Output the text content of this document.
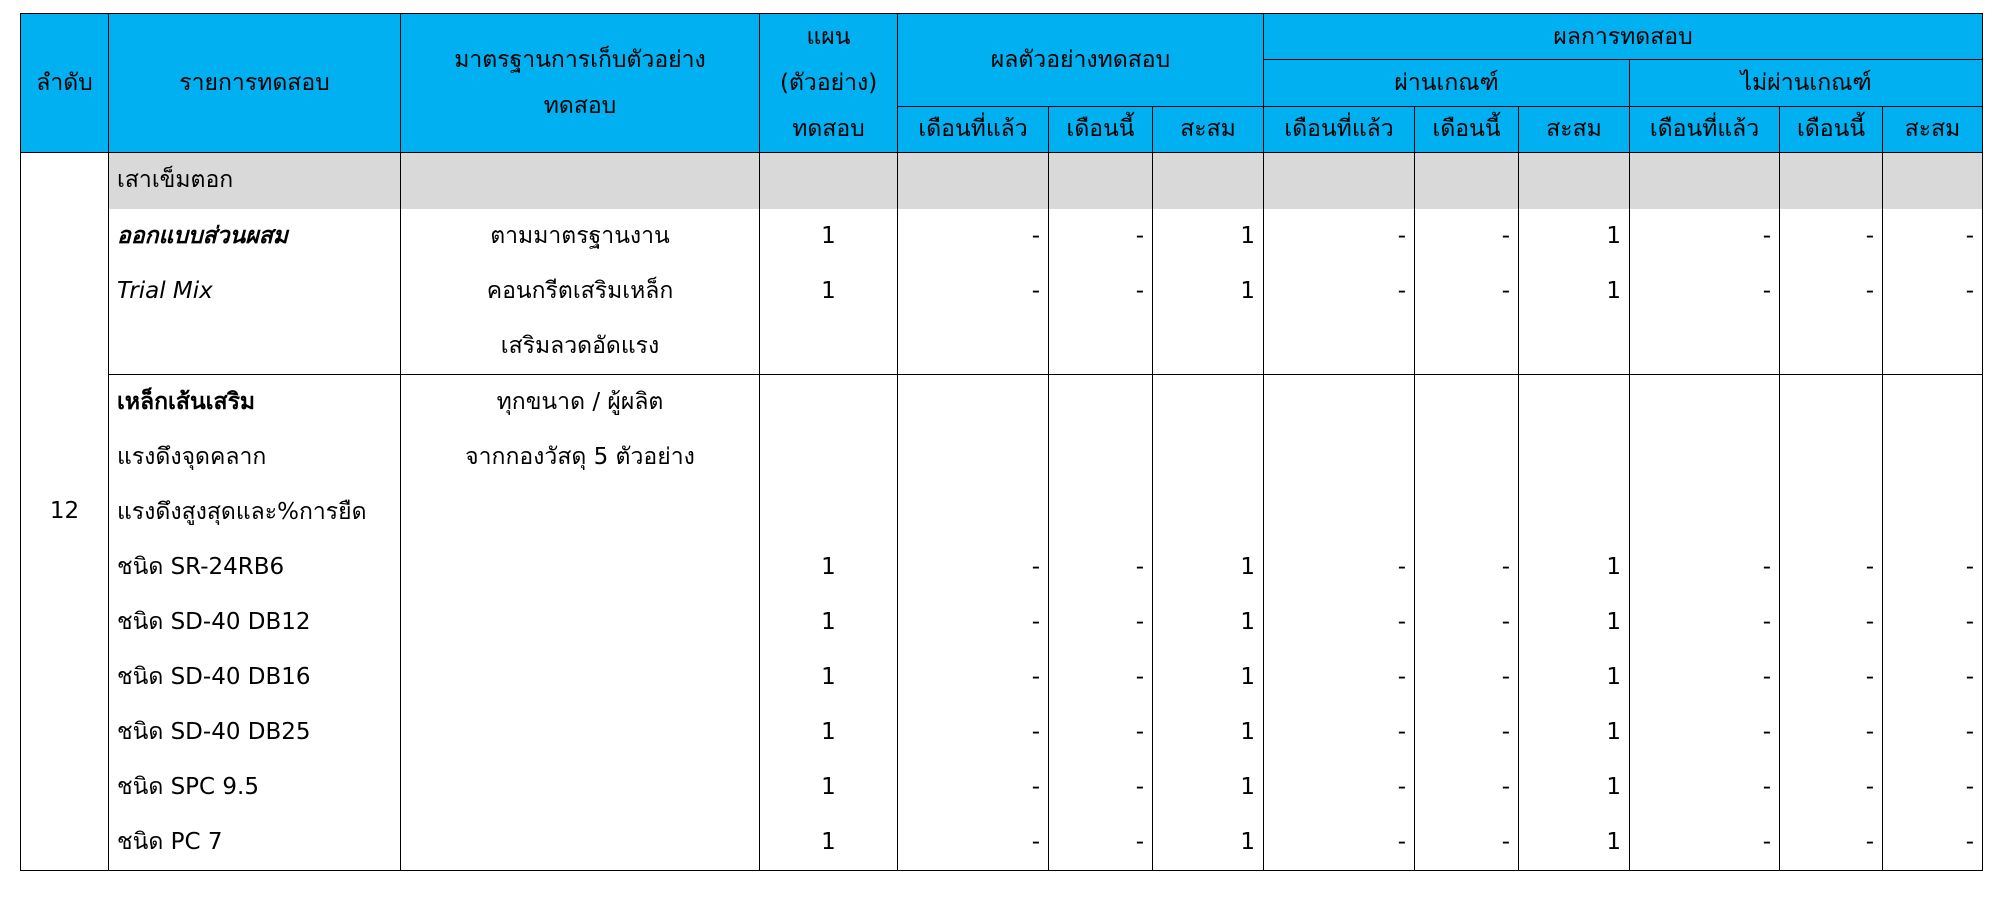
ลำดับ	รายการทดสอบ	มาตรฐานการเก็บตัวอย่างทดสอบ	แผน (ตัวอย่าง) ทดสอบ	ผลตัวอย่างทดสอบ			ผลการทดสอบ					
							ผ่านเกณฑ์			ไม่ผ่านเกณฑ์		
				เดือนที่แล้ว	เดือนนี้	สะสม	เดือนที่แล้ว	เดือนนี้	สะสม	เดือนที่แล้ว	เดือนนี้	สะสม
12	เสาเข็มตอก											
	ออกแบบส่วนผสม	ตามมาตรฐานงาน	1	-	-	1	-	-	1	-	-	-
	Trial Mix	คอนกรีตเสริมเหล็ก	1	-	-	1	-	-	1	-	-	-
		เสริมลวดอัดแรง										
	เหล็กเส้นเสริม	ทุกขนาด / ผู้ผลิต										
	แรงดึงจุดคลาก	จากกองวัสดุ 5 ตัวอย่าง										
	แรงดึงสูงสุดและ%การยืด											
	ชนิด SR-24RB6		1	-	-	1	-	-	1	-	-	-
	ชนิด SD-40 DB12		1	-	-	1	-	-	1	-	-	-
	ชนิด SD-40 DB16		1	-	-	1	-	-	1	-	-	-
	ชนิด SD-40 DB25		1	-	-	1	-	-	1	-	-	-
	ชนิด SPC 9.5		1	-	-	1	-	-	1	-	-	-
	ชนิด PC 7		1	-	-	1	-	-	1	-	-	-
